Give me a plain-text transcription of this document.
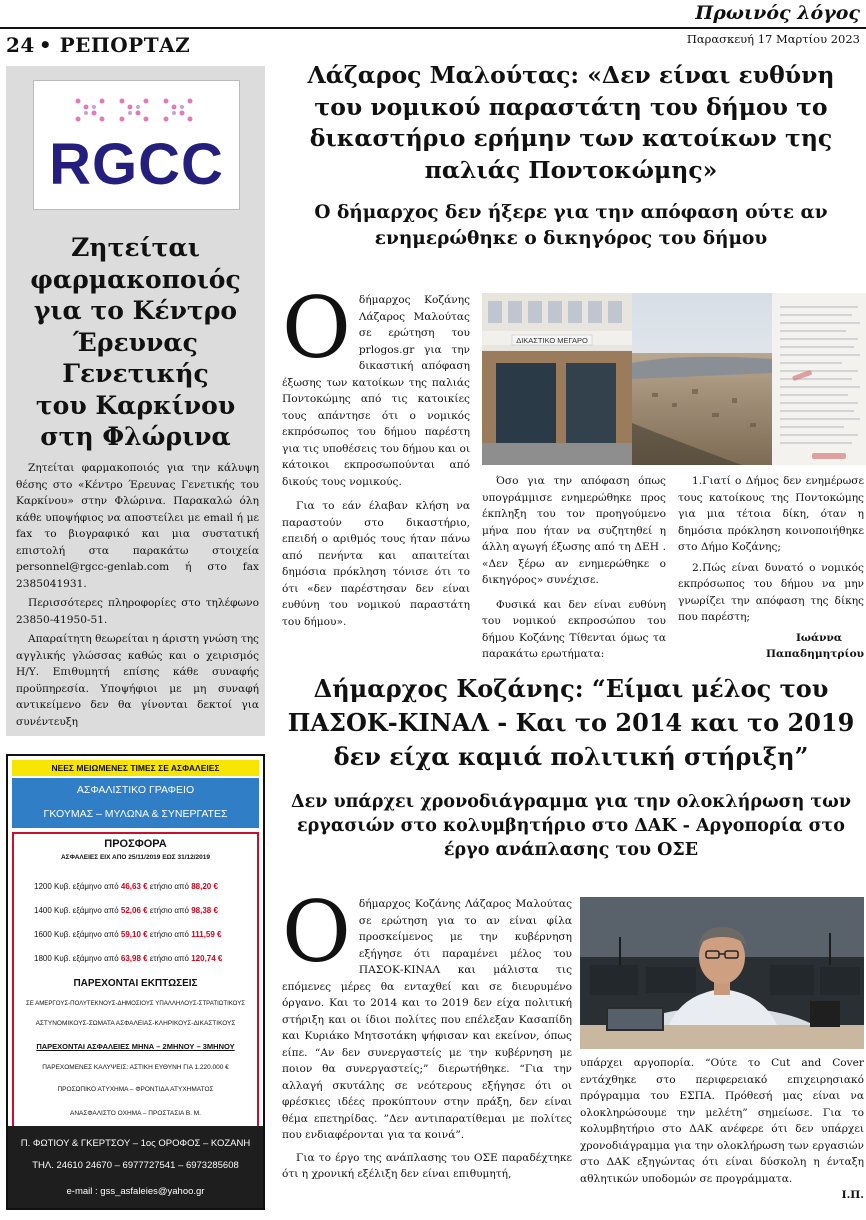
Πρωινός λόγος
Παρασκευή 17 Μαρτίου 2023
24 • ΡΕΠΟΡΤΑΖ
RGCC
Ζητείται
φαρμακοποιός
για το Κέντρο
Έρευνας
Γενετικής
του Καρκίνου
στη Φλώρινα

Ζητείται φαρμακοποιός για την κάλυψη θέσης στο «Κέντρο Έρευνας Γενετικής του Καρκίνου» στην Φλώρινα. Παρακαλώ όλη κάθε υποψήφιος να αποστείλει με email ή με fax το βιογραφικό και μια συστατική επιστολή στα παρακάτω στοιχεία personnel@rgcc-genlab.com ή στο fax 2385041931.

Περισσότερες πληροφορίες στο τηλέφωνο 23850-41950-51.

Απαραίτητη θεωρείται η άριστη γνώση της αγγλικής γλώσσας καθώς και ο χειρισμός Η/Υ. Επιθυμητή επίσης κάθε συναφής προϋπηρεσία. Υποψήφιοι με μη συναφή αντικείμενο δεν θα γίνονται δεκτοί για συνέντευξη

ΝΕΕΣ ΜΕΙΩΜΕΝΕΣ ΤΙΜΕΣ ΣΕ ΑΣΦΑΛΕΙΕΣ
ΑΣΦΑΛΙΣΤΙΚΟ ΓΡΑΦΕΙΟ
ΓΚΟΥΜΑΣ – ΜΥΛΩΝΑ & ΣΥΝΕΡΓΑΤΕΣ
ΠΡΟΣΦΟΡΑ
ΑΣΦΑΛΕΙΕΣ ΕΙΧ ΑΠΟ 25/11/2019 ΕΩΣ 31/12/2019
1200 Κυβ. εξάμηνο από 46,63 € ετήσιο από 88,20 €
1400 Κυβ. εξάμηνο από 52,06 € ετήσιο από 98,38 €
1600 Κυβ. εξάμηνο από 59,10 € ετήσιο από 111,59 €
1800 Κυβ. εξάμηνο από 63,98 € ετήσιο από 120,74 €
ΠΑΡΕΧΟΝΤΑΙ ΕΚΠΤΩΣΕΙΣ
ΣΕ ΑΜΕΡΓΟΥΣ-ΠΟΛΥΤΕΚΝΟΥΣ-ΔΗΜΟΣΙΟΥΣ ΥΠΑΛΛΗΛΟΥΣ-ΣΤΡΑΤΙΩΤΙΚΟΥΣ
ΑΣΤΥΝΟΜΙΚΟΥΣ-ΣΩΜΑΤΑ ΑΣΦΑΛΕΙΑΣ-ΚΛΗΡΙΚΟΥΣ-ΔΙΚΑΣΤΙΚΟΥΣ
ΠΑΡΕΧΟΝΤΑΙ ΑΣΦΑΛΕΙΕΣ ΜΗΝΑ – 2ΜΗΝΟΥ – 3ΜΗΝΟΥ
ΠΑΡΕΧΟΜΕΝΕΣ ΚΑΛΥΨΕΙΣ: ΑΣΤΙΚΗ ΕΥΘΥΝΗ ΓΙΑ 1.220.000 €
ΠΡΟΣΩΠΙΚΟ ΑΤΥΧΗΜΑ – ΦΡΟΝΤΙΔΑ ΑΤΥΧΗΜΑΤΟΣ
ΑΝΑΣΦΑΛΙΣΤΟ ΟΧΗΜΑ – ΠΡΟΣΤΑΣΙΑ Β. Μ.
Π. ΦΩΤΙΟΥ & ΓΚΕΡΤΣΟΥ – 1ος ΟΡΟΦΟΣ – ΚΟΖΑΝΗ
ΤΗΛ. 24610 24670 – 6977727541 – 6973285608
e-mail : gss_asfaleies@yahoo.gr
Λάζαρος Μαλούτας: «Δεν είναι ευθύνη του νομικού παραστάτη του δήμου το δικαστήριο ερήμην των κατοίκων της παλιάς Ποντοκώμης»
Ο δήμαρχος δεν ήξερε για την απόφαση ούτε αν ενημερώθηκε ο δικηγόρος του δήμου
Ο δήμαρχος Κοζάνης Λάζαρος Μαλούτας σε ερώτηση του prlogos.gr για την δικαστική απόφαση έξωσης των κατοίκων της παλιάς Ποντοκώμης από τις κατοικίες τους απάντησε ότι ο νομικός εκπρόσωπος του δήμου παρέστη για τις υποθέσεις του δήμου και οι κάτοικοι εκπροσωπούνται από δικούς τους νομικούς.

Για το εάν έλαβαν κλήση να παραστούν στο δικαστήριο, επειδή ο αριθμός τους ήταν πάνω από πενήντα και απαιτείται δημόσια πρόκληση τόνισε ότι το ότι «δεν παρέστησαν δεν είναι ευθύνη του νομικού παραστάτη του δήμου».

ΔΙΚΑΣΤΙΚΟ ΜΕΓΑΡΟ

Όσο για την απόφαση όπως υπογράμμισε ενημερώθηκε προς έκπληξη του τον προηγούμενο μήνα που ήταν να συζητηθεί η άλλη αγωγή έξωσης από τη ΔΕΗ . «Δεν ξέρω αν ενημερώθηκε ο δικηγόρος» συνέχισε.

Φυσικά και δεν είναι ευθύνη του νομικού εκπροσώπου του δήμου Κοζάνης Τίθενται όμως τα παρακάτω ερωτήματα:

1.Γιατί ο Δήμος δεν ενημέρωσε τους κατοίκους της Ποντοκώμης για μια τέτοια δίκη, όταν η δημόσια πρόκληση κοινοποιήθηκε στο Δήμο Κοζάνης;

2.Πώς είναι δυνατό ο νομικός εκπρόσωπος του δήμου να μην γνωρίζει την απόφαση της δίκης που παρέστη;

Ιωάννα
Παπαδημητρίου
Δήμαρχος Κοζάνης: “Είμαι μέλος του ΠΑΣΟΚ-ΚΙΝΑΛ - Και το 2014 και το 2019 δεν είχα καμιά πολιτική στήριξη”
Δεν υπάρχει χρονοδιάγραμμα για την ολοκλήρωση των εργασιών στο κολυμβητήριο στο ΔΑΚ - Αργοπορία στο έργο ανάπλασης του ΟΣΕ
Ο δήμαρχος Κοζάνης Λάζαρος Μαλούτας σε ερώτηση για το αν είναι φίλα προσκείμενος με την κυβέρνηση εξήγησε ότι παραμένει μέλος του ΠΑΣΟΚ-ΚΙΝΑΛ και μάλιστα τις επόμενες μέρες θα ενταχθεί και σε διευρυμένο όργανο. Και το 2014 και το 2019 δεν είχα πολιτική στήριξη και οι ίδιοι πολίτες που επέλεξαν Κασαπίδη και Κυριάκο Μητσοτάκη ψήφισαν και εκείνον, όπως είπε. “Αν δεν συνεργαστείς με την κυβέρνηση με ποιον θα συνεργαστείς;” διερωτήθηκε. “Για την αλλαγή σκυτάλης σε νεότερους εξήγησε ότι οι φρέσκιες ιδέες προκύπτουν στην πράξη, δεν είναι θέμα επετηρίδας. ”Δεν αντιπαρατίθεμαι με πολίτες που ενδιαφέρονται για τα κοινά”.

Για το έργο της ανάπλασης του ΟΣΕ παραδέχτηκε ότι η χρονική εξέλιξη δεν είναι επιθυμητή,

υπάρχει αργοπορία. “Ούτε το Cut and Cover εντάχθηκε στο περιφερειακό επιχειρησιακό πρόγραμμα του ΕΣΠΑ. Πρόθεσή μας είναι να ολοκληρώσουμε την μελέτη” σημείωσε. Για το κολυμβητήριο στο ΔΑΚ ανέφερε ότι δεν υπάρχει χρονοδιάγραμμα για την ολοκλήρωση των εργασιών στο ΔΑΚ εξηγώντας ότι είναι δύσκολη η ένταξη αθλητικών υποδομών σε προγράμματα.

Ι.Π.
